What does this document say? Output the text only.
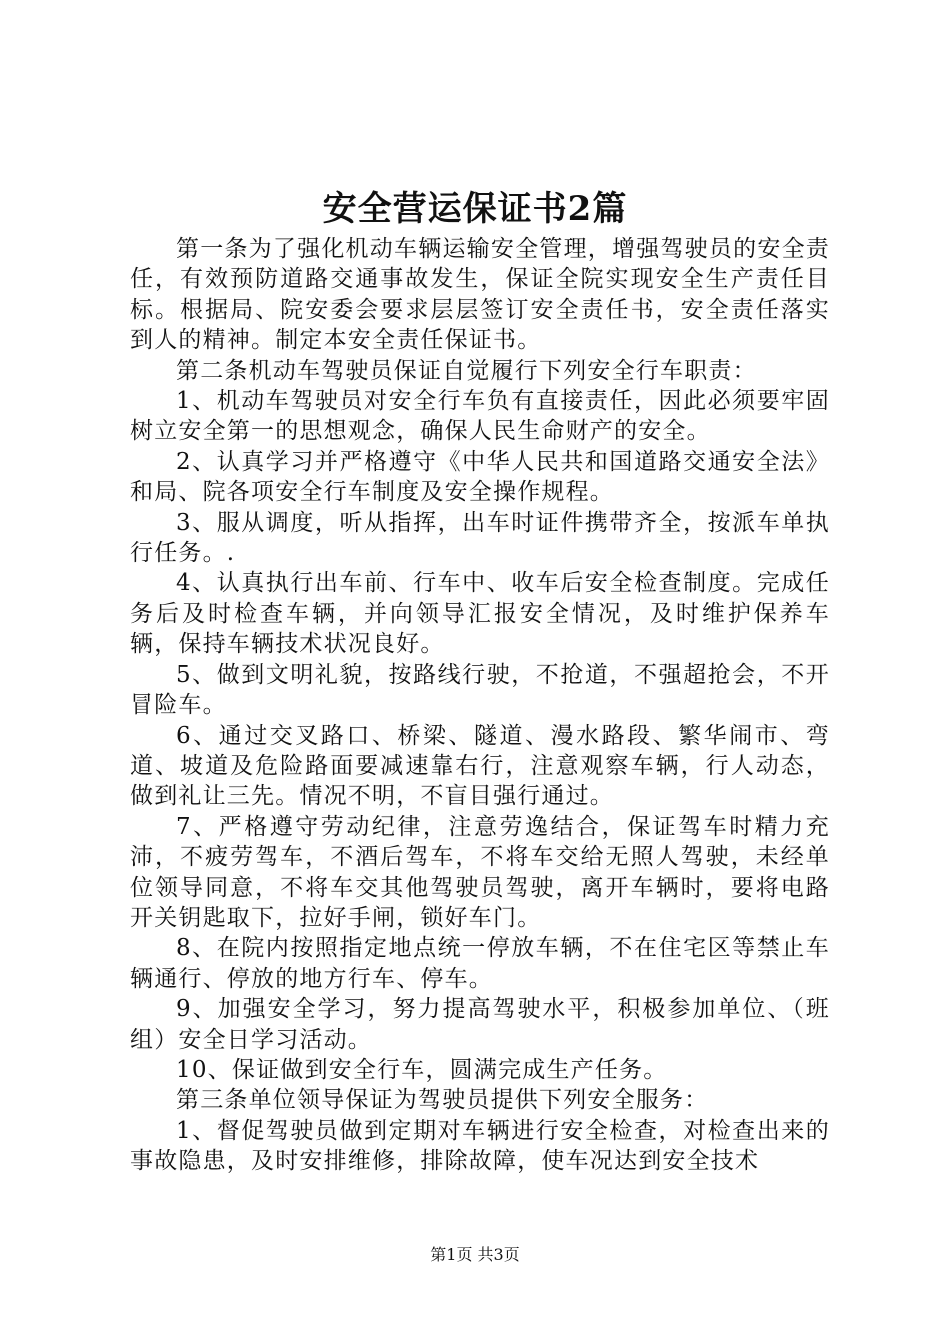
安全营运保证书2篇

第一条为了强化机动车辆运输安全管理，增强驾驶员的安全责任，有效预防道路交通事故发生，保证全院实现安全生产责任目标。根据局、院安委会要求层层签订安全责任书，安全责任落实到人的精神。制定本安全责任保证书。

第二条机动车驾驶员保证自觉履行下列安全行车职责：

1、机动车驾驶员对安全行车负有直接责任，因此必须要牢固树立安全第一的思想观念，确保人民生命财产的安全。

2、认真学习并严格遵守《中华人民共和国道路交通安全法》和局、院各项安全行车制度及安全操作规程。

3、服从调度，听从指挥，出车时证件携带齐全，按派车单执行任务。.

4、认真执行出车前、行车中、收车后安全检查制度。完成任务后及时检查车辆，并向领导汇报安全情况，及时维护保养车辆，保持车辆技术状况良好。

5、做到文明礼貌，按路线行驶，不抢道，不强超抢会，不开冒险车。

6、通过交叉路口、桥梁、隧道、漫水路段、繁华闹市、弯道、坡道及危险路面要减速靠右行，注意观察车辆，行人动态，做到礼让三先。情况不明，不盲目强行通过。

7、严格遵守劳动纪律，注意劳逸结合，保证驾车时精力充沛，不疲劳驾车，不酒后驾车，不将车交给无照人驾驶，未经单位领导同意，不将车交其他驾驶员驾驶，离开车辆时，要将电路开关钥匙取下，拉好手闸，锁好车门。

8、在院内按照指定地点统一停放车辆，不在住宅区等禁止车辆通行、停放的地方行车、停车。

9、加强安全学习，努力提高驾驶水平，积极参加单位、（班组）安全日学习活动。

10、保证做到安全行车，圆满完成生产任务。

第三条单位领导保证为驾驶员提供下列安全服务：

1、督促驾驶员做到定期对车辆进行安全检查，对检查出来的事故隐患，及时安排维修，排除故障，使车况达到安全技术

第1页 共3页
